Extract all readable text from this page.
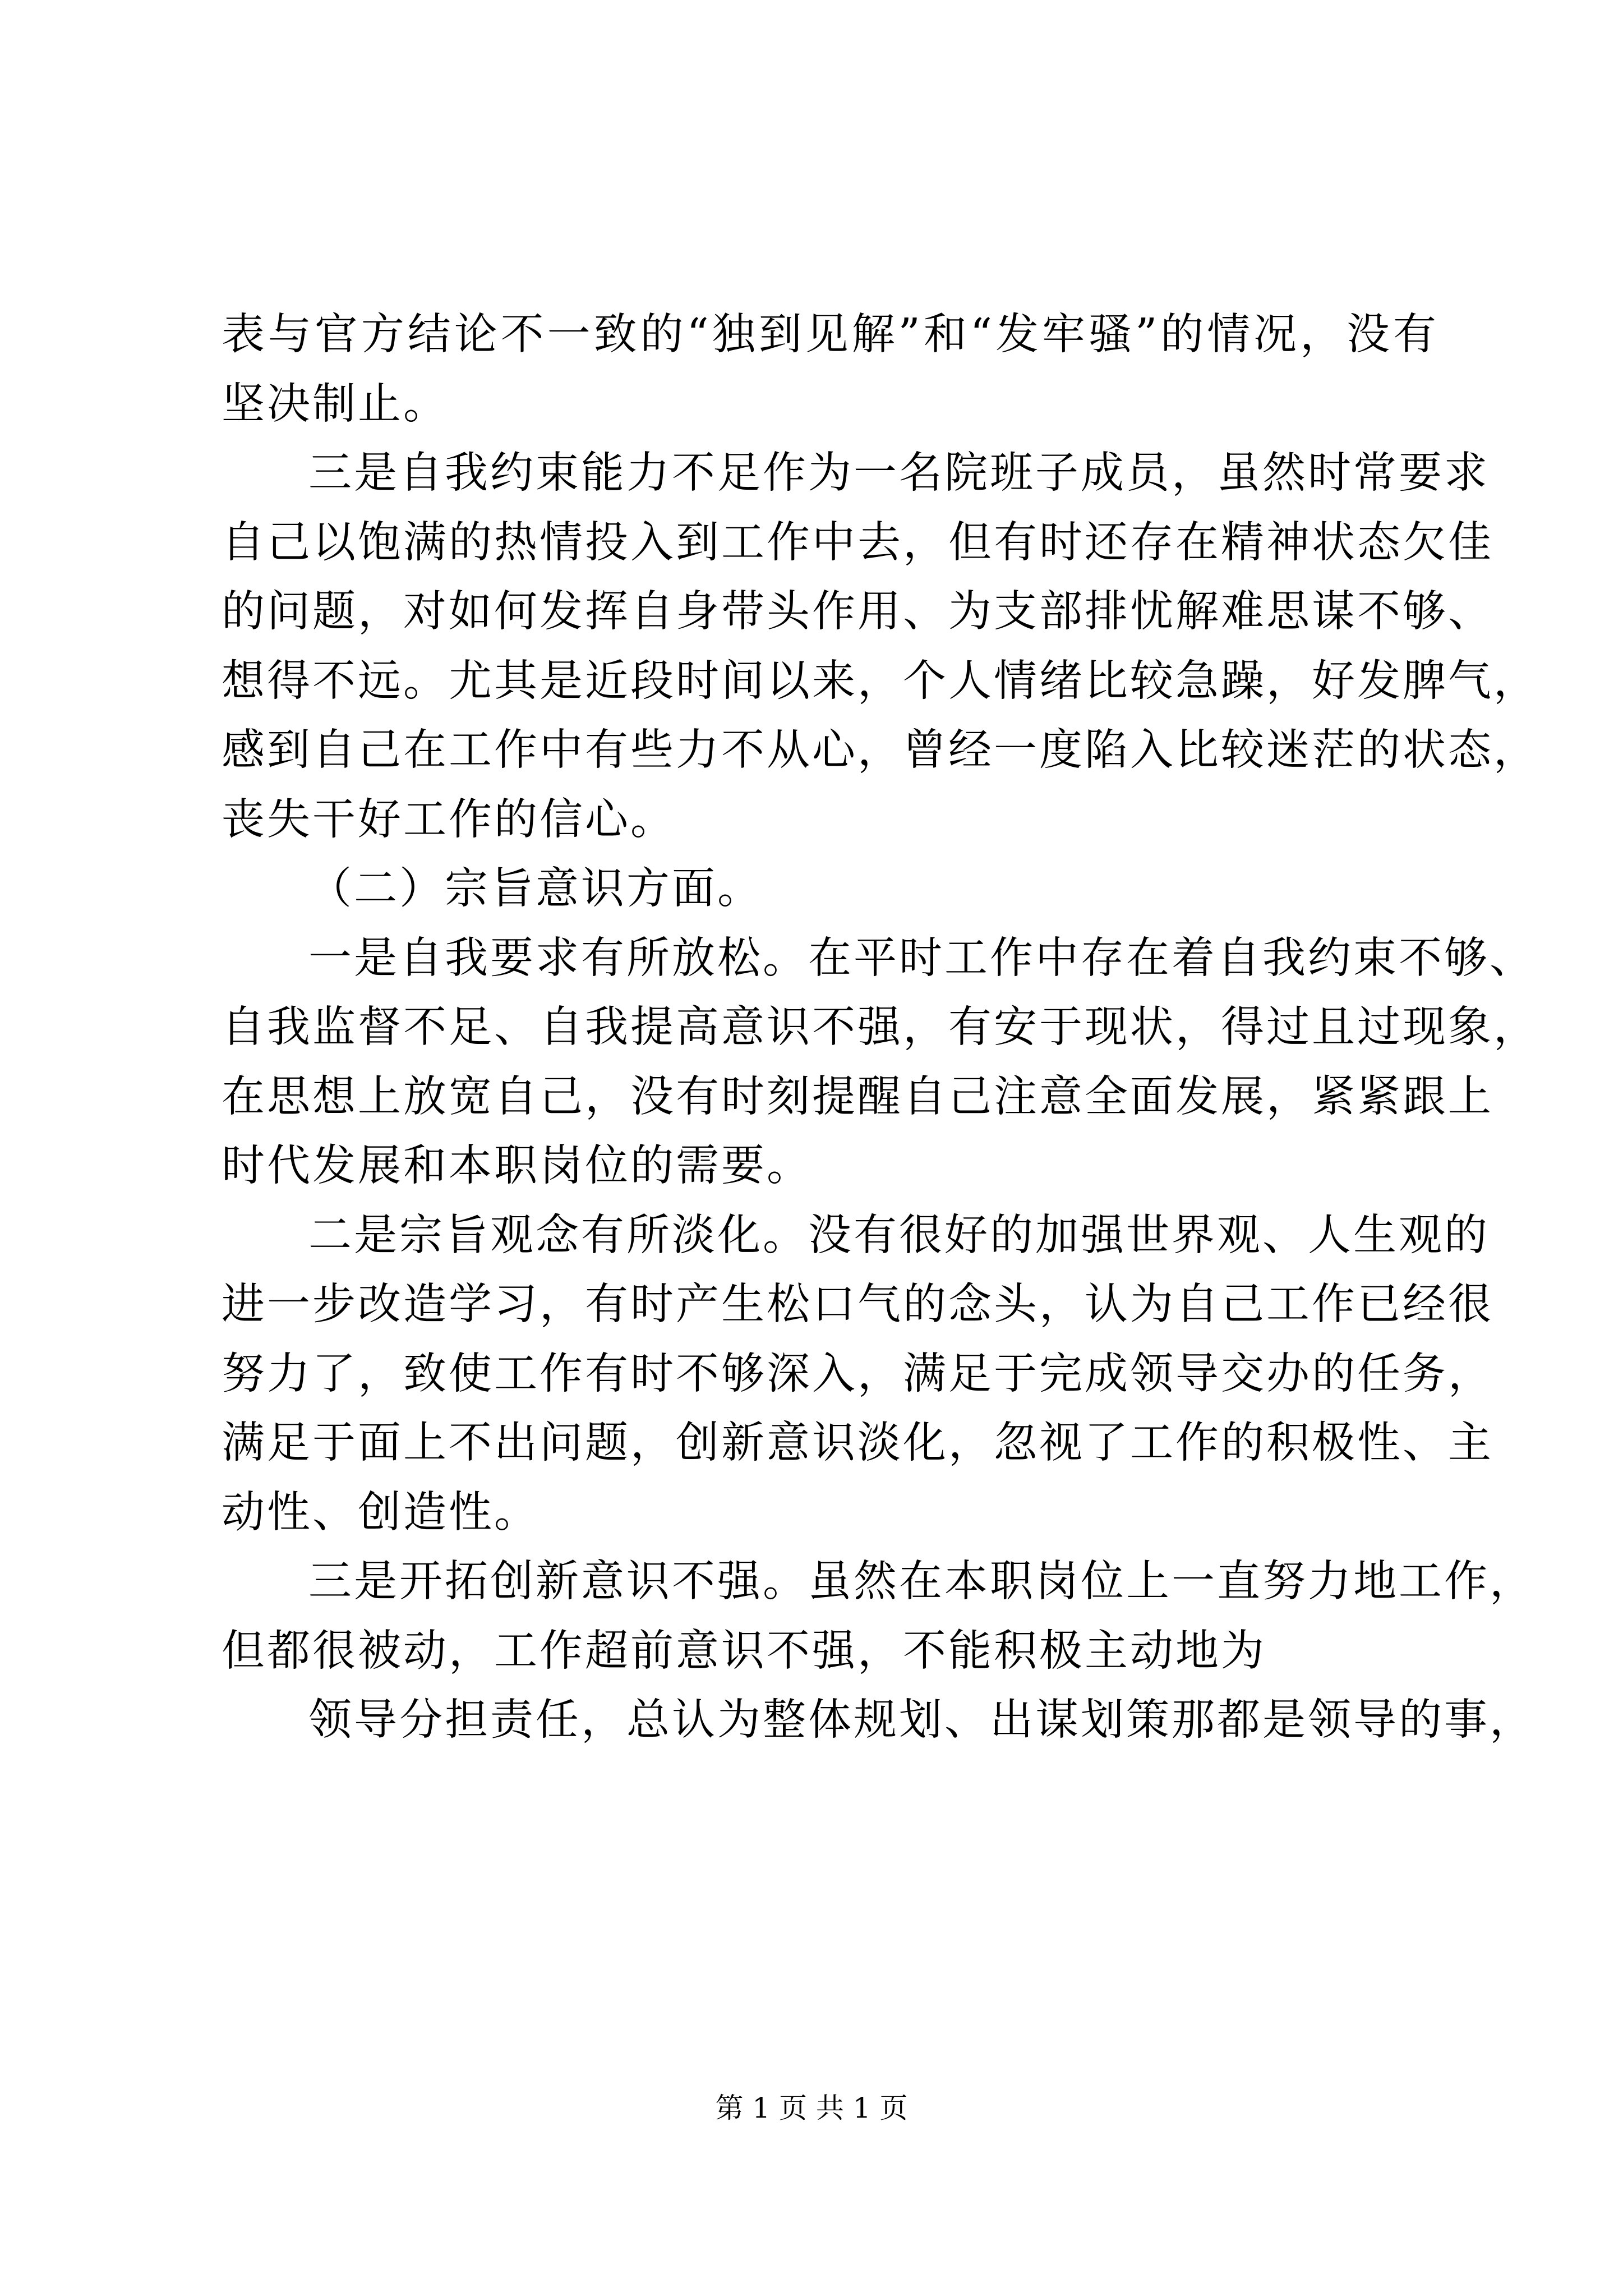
表与官方结论不一致的“独到见解”和“发牢骚”的情况，没有
坚决制止。
三是自我约束能力不足作为一名院班子成员，虽然时常要求
自己以饱满的热情投入到工作中去，但有时还存在精神状态欠佳
的问题，对如何发挥自身带头作用、为支部排忧解难思谋不够、
想得不远。尤其是近段时间以来，个人情绪比较急躁，好发脾气，
感到自己在工作中有些力不从心，曾经一度陷入比较迷茫的状态，
丧失干好工作的信心。
（二）宗旨意识方面。
一是自我要求有所放松。在平时工作中存在着自我约束不够、
自我监督不足、自我提高意识不强，有安于现状，得过且过现象，
在思想上放宽自己，没有时刻提醒自己注意全面发展，紧紧跟上
时代发展和本职岗位的需要。
二是宗旨观念有所淡化。没有很好的加强世界观、人生观的
进一步改造学习，有时产生松口气的念头，认为自己工作已经很
努力了，致使工作有时不够深入，满足于完成领导交办的任务，
满足于面上不出问题，创新意识淡化，忽视了工作的积极性、主
动性、创造性。
三是开拓创新意识不强。虽然在本职岗位上一直努力地工作，
但都很被动，工作超前意识不强，不能积极主动地为
领导分担责任，总认为整体规划、出谋划策那都是领导的事，
第 1 页 共 1 页
